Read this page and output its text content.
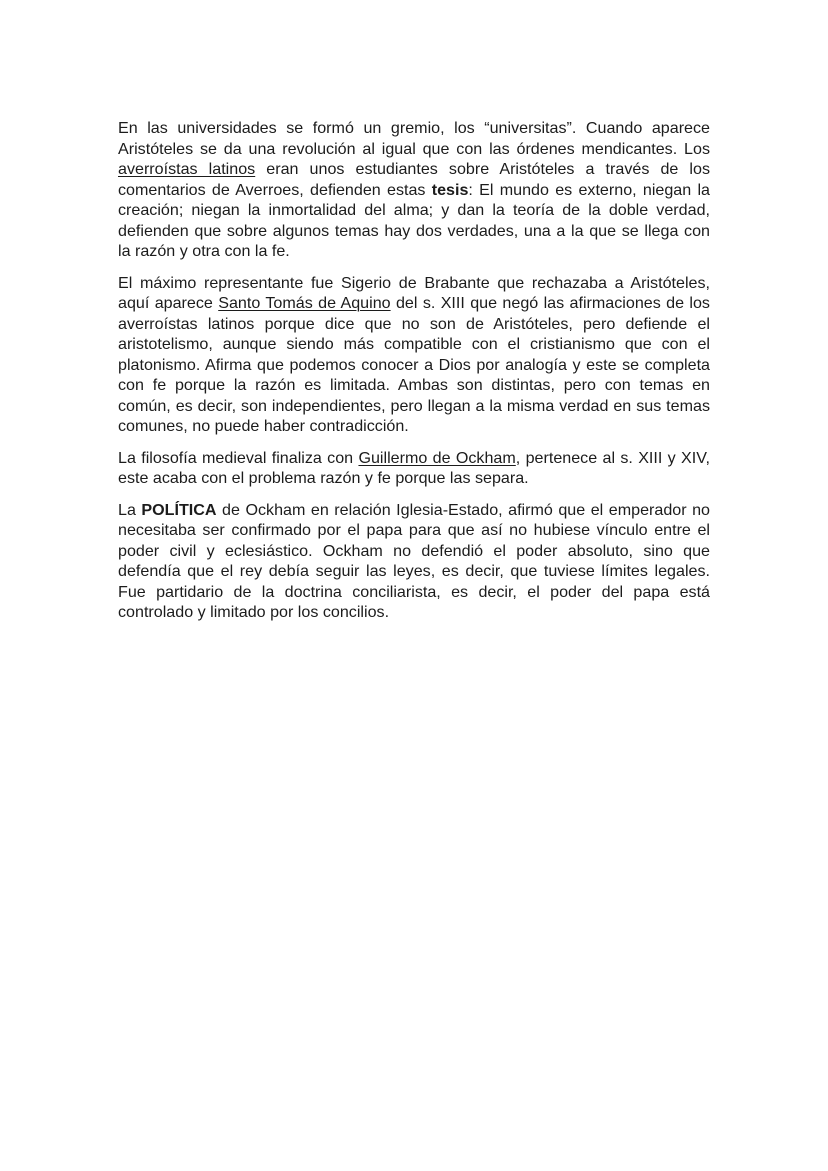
En las universidades se formó un gremio, los “universitas”. Cuando aparece Aristóteles se da una revolución al igual que con las órdenes mendicantes. Los averroístas latinos eran unos estudiantes sobre Aristóteles a través de los comentarios de Averroes, defienden estas tesis: El mundo es externo, niegan la creación; niegan la inmortalidad del alma; y dan la teoría de la doble verdad, defienden que sobre algunos temas hay dos verdades, una a la que se llega con la razón y otra con la fe.

El máximo representante fue Sigerio de Brabante que rechazaba a Aristóteles, aquí aparece Santo Tomás de Aquino del s. XIII que negó las afirmaciones de los averroístas latinos porque dice que no son de Aristóteles, pero defiende el aristotelismo, aunque siendo más compatible con el cristianismo que con el platonismo. Afirma que podemos conocer a Dios por analogía y este se completa con fe porque la razón es limitada. Ambas son distintas, pero con temas en común, es decir, son independientes, pero llegan a la misma verdad en sus temas comunes, no puede haber contradicción.

La filosofía medieval finaliza con Guillermo de Ockham, pertenece al s. XIII y XIV, este acaba con el problema razón y fe porque las separa.

La POLÍTICA de Ockham en relación Iglesia-Estado, afirmó que el emperador no necesitaba ser confirmado por el papa para que así no hubiese vínculo entre el poder civil y eclesiástico. Ockham no defendió el poder absoluto, sino que defendía que el rey debía seguir las leyes, es decir, que tuviese límites legales. Fue partidario de la doctrina conciliarista, es decir, el poder del papa está controlado y limitado por los concilios.
